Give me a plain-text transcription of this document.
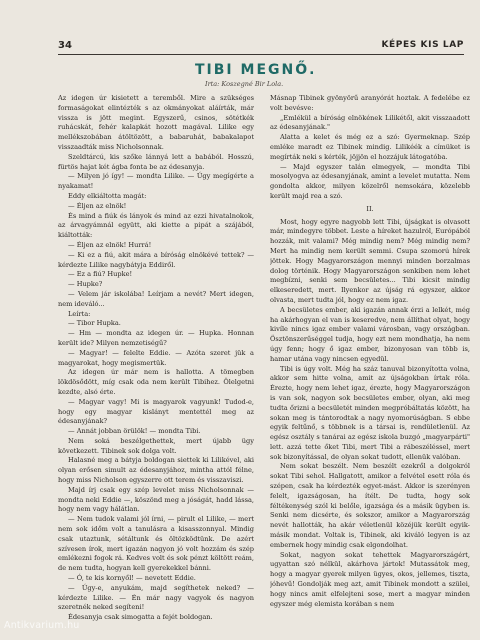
34	KÉPES KIS LAP
TIBI MEGNŐ.
Irta: Koszegné Bir Lola.

Az idegen úr kisietett a teremből. Mire a szükséges formaságokat elintézték s az okmányokat aláírták, már vissza is jött megint. Egyszerű, csinos, sötétkék ruhácskát, fehér kalapkát hozott magával. Lilike egy mellékszobában átöltözött, a babaruhát, babakalapot visszaadták miss Nicholsonnak.

Szeldtárcú, kis szőke lánnyá lett a babából. Hosszú, fürtös hajat két ágba fonta be az édesanyja.

— Milyen jó így! — mondta Lilike. — Úgy megígérte a nyakamat!

Eddy elkiáltotta magát:

— Éljen az elnök!

És mind a fiúk és lányok és mind az ezzi hivatalnokok, az árvagyámnál együtt, aki kiette a pipát a szájából, kiáltották:

— Éljen az elnök! Hurrá!

— Ki ez a fiú, akit mára a bíróság elnökévé tettek? — kérdezte Lilike nagybátyja Eddiről.

— Ez a fiú? Hupke!

— Hupke?

— Velem jár iskolába! Leírjam a nevét? Mert idegen, nem ideváló...

Leírta:

— Tibor Hupka.

— Hm — mondta az idegen úr. — Hupka. Honnan került ide? Milyen nemzetiségű?

— Magyar! — felelte Eddie. — Azóta szeret jük a magyarokat, hogy megismertük.

Az idegen úr már nem is hallotta. A tömegben lökdösődött, míg csak oda nem került Tibihez. Ölelgetni kezdte, alsó érte.

— Magyar vagy! Mi is magyarok vagyunk! Tudod-e, hogy egy magyar kislányt mentettél meg az édesanyjának?

— Annát jobban örülök! — mondta Tibi.

Nem soká beszélgethettek, mert újabb ügy következett. Tibinek sok dolga volt.

Halasné meg a bátyja boldogan siettek ki Lilikével, aki olyan erősen simult az édesanyjához, mintha attól félne, hogy miss Nicholson egyszerre ott terem és visszaviszi.

Majd írj csak egy szép levelet miss Nicholsonnak — mondta neki Eddie —, köszönd meg a jóságát, hadd lássa, hogy nem vagy hálátlan.

— Nem tudok valami jól írni, — pirult el Lilike, — mert nem sok időm volt a tanulásra a kisasszonnyal. Mindig csak utaztunk, sétáltunk és öltözködtünk. De azért szívesen írok, mert igazán nagyon jó volt hozzám és szép emlékezni fogok rá. Kedves volt és sok pénzt költött reám, de nem tudta, hogyan kell gyerekekkel bánni.

— Ó, te kis kornyől! — nevetett Eddie.

— Úgy-e, anyukám, majd segíthetek neked? — kérdezte Lilike. — Én már nagy vagyok és nagyon szeretnék neked segíteni!

Édesanyja csak simogatta a fejét boldogan.

Másnap Tibinek gyönyörű aranyórát hoztak. A fedelébe ez volt bevésve:

„Emlékül a bíróság elnökének Lilikétől, akit visszaadott az édesanyjának."

Alatta a kelet és még ez a szó: Gyermeknap. Szép emléke maradt ez Tibinek mindig. Lilikéék a címüket is megírták neki s kérték, jöjjön el hozzájuk látogatóba.

— Majd egyszer talán elmegyek, — mondta Tibi mosolyogva az édesanyjának, amint a levelet mutatta. Nem gondolta akkor, milyen közelről nemsokára, közelebb került majd rea a szó.

II.

Most, hogy egyre nagyobb lett Tibi, újságkat is olvasott már, mindegyre többet. Leste a híreket hazulról, Európából hozzák, mit valami? Még mindig nem? Még mindig nem? Mert ha mindig nem került semmi. Csupa szomorú hírek jöttek. Hogy Magyarországon mennyi minden borzalmas dolog történik. Hogy Magyarországon senkiben nem lehet megbízni, senki sem becsületes... Tibi kicsit mindig elkeseredett, mert. Ilyenkor az újság rá egyszer, akkor olvasta, mert tudta jól, hogy ez nem igaz.

A becsületes ember, aki igazán annak érzi a lelkét, még ha akárhogyan el van is keseredve, nem állíthat olyat, hogy kivíle nincs igaz ember valami városban, vagy országban. Ösztönszerűséggel tudja, hogy ezt nem mondhatja, ha nem úgy fenn; hogy ő igaz ember, bizonyosan van több is, hamar utána vagy nincsen egyedül.

Tibi is úgy volt. Még ha száz tanuval bizonyította volna, akkor sem hitte volna, amit az újságokban írtak róla. Érezte, hogy nem lehet igaz, érezte, hogy Magyarországon is van sok, nagyon sok becsületes ember, olyan, aki meg tudta őrizni a becsületét minden megpróbáltatás között, ha sokan meg is tántorodtak a nagy nyomorúságban. S ebbe egyik feltűnő, s többnek is a társai is, rendületlenül. Az egész osztály s tanárai az egész iskola buzgó „magyarpárti" lett. azzá tette őket Tibi, mert Tibi a rábeszéléssel, mert sok bizonyítással, de olyan sokat tudott, ellenük valóban.

Nem sokat beszélt. Nem beszélt ezekről a dolgokról sokat Tibi sehol. Hallgatott, amikor a felvétel esett róla és szépen, csak ha kérdezték egyet-mást. Akkor is szerényen felelt, igazságosan, ha ítélt. De tudta, hogy sok féltékenység szól ki belőle, igazsága és a másik ügyben is. Senki nem dicsérte, és sokszor, amikor a Magyarország nevét hallották, ha akár véletlenül közéjük került egyik-másik mondat. Voltak is, Tibinek, aki kiváló legyen is az embernek hogy mindig csak elgondolhat.

Sokat, nagyon sokat tehettek Magyarországért, ugyattan szó nélkül, akárhova jártok! Mutassátok meg, hogy a magyar gyerek milyen ügyes, okos, jellemes, tiszta, jóhevű! Gondolják meg azt, amit Tibinek mondott a szülei, hogy nincs amit elfelejteni sose, mert a magyar minden egyszer még elemista korában s nem

Antikvarium.hu
